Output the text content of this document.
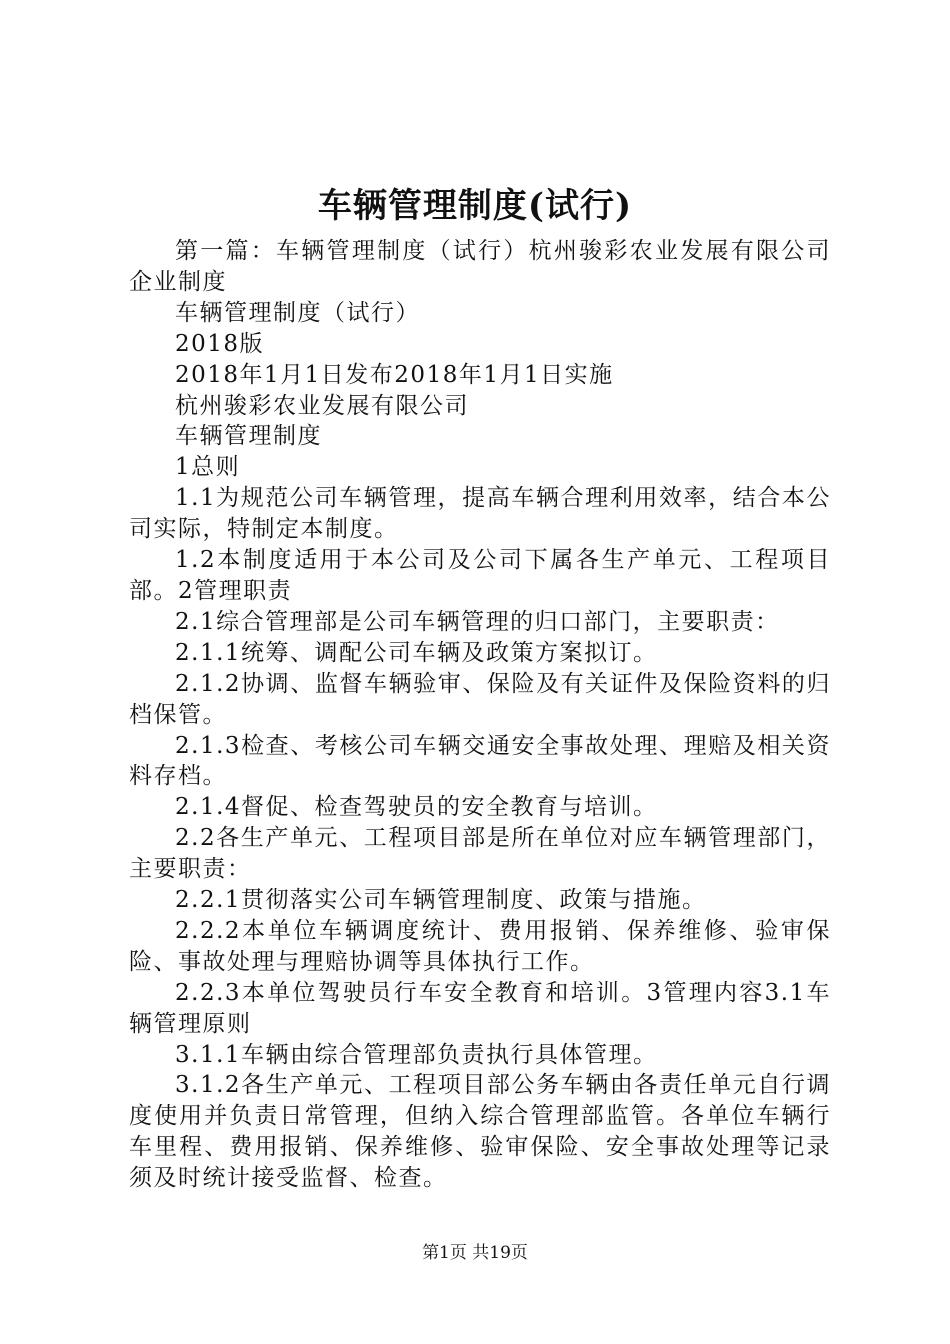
车辆管理制度(试行)

第一篇：车辆管理制度（试行）杭州骏彩农业发展有限公司企业制度

车辆管理制度（试行）

2018版

2018年1月1日发布2018年1月1日实施

杭州骏彩农业发展有限公司

车辆管理制度

1总则

1.1为规范公司车辆管理，提高车辆合理利用效率，结合本公司实际，特制定本制度。

1.2本制度适用于本公司及公司下属各生产单元、工程项目部。2管理职责

2.1综合管理部是公司车辆管理的归口部门，主要职责：

2.1.1统筹、调配公司车辆及政策方案拟订。

2.1.2协调、监督车辆验审、保险及有关证件及保险资料的归档保管。

2.1.3检查、考核公司车辆交通安全事故处理、理赔及相关资料存档。

2.1.4督促、检查驾驶员的安全教育与培训。

2.2各生产单元、工程项目部是所在单位对应车辆管理部门，主要职责：

2.2.1贯彻落实公司车辆管理制度、政策与措施。

2.2.2本单位车辆调度统计、费用报销、保养维修、验审保险、事故处理与理赔协调等具体执行工作。

2.2.3本单位驾驶员行车安全教育和培训。3管理内容3.1车辆管理原则

3.1.1车辆由综合管理部负责执行具体管理。

3.1.2各生产单元、工程项目部公务车辆由各责任单元自行调度使用并负责日常管理，但纳入综合管理部监管。各单位车辆行车里程、费用报销、保养维修、验审保险、安全事故处理等记录须及时统计接受监督、检查。

第1页 共19页
